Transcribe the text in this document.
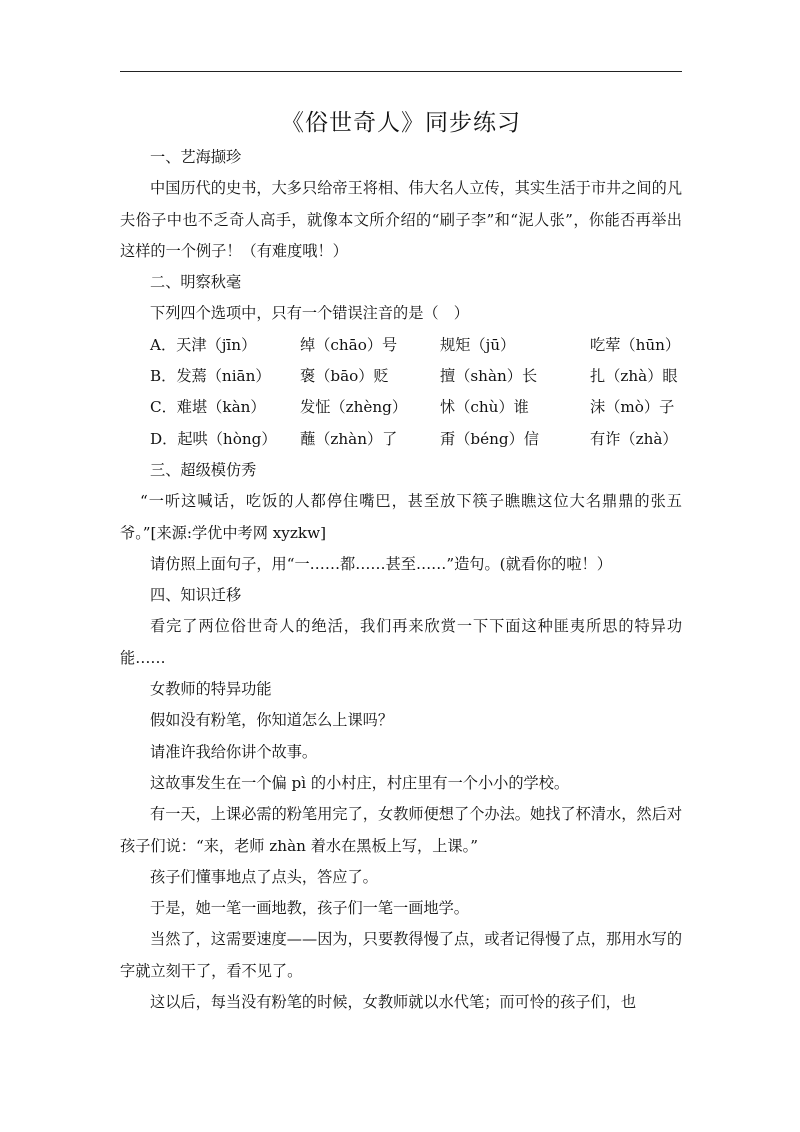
《俗世奇人》同步练习

一、艺海撷珍

中国历代的史书，大多只给帝王将相、伟大名人立传，其实生活于市井之间的凡夫俗子中也不乏奇人高手，就像本文所介绍的“刷子李”和“泥人张”，你能否再举出这样的一个例子！（有难度哦！）

二、明察秋毫

下列四个选项中，只有一个错误注音的是（　）

A．天津（jīn）	绰（chāo）号	规矩（jū）	吃荤（hūn）
B．发蔫（niān） 褒（bāo）贬	擅（shàn）长	扎（zhà）眼
C．难堪（kàn） 发怔（zhèng） 怵（chù）谁	沫（mò）子
D．起哄（hòng） 蘸（zhàn）了	甭（béng）信	有诈（zhà）

三、超级模仿秀

“一听这喊话，吃饭的人都停住嘴巴，甚至放下筷子瞧瞧这位大名鼎鼎的张五爷。”[来源:学优中考网 xyzkw]

请仿照上面句子，用“一……都……甚至……”造句。(就看你的啦！）

四、知识迁移

看完了两位俗世奇人的绝活，我们再来欣赏一下下面这种匪夷所思的特异功能……

女教师的特异功能

假如没有粉笔，你知道怎么上课吗？

请准许我给你讲个故事。

这故事发生在一个偏 pì 的小村庄，村庄里有一个小小的学校。

有一天，上课必需的粉笔用完了，女教师便想了个办法。她找了杯清水，然后对孩子们说：“来，老师 zhàn 着水在黑板上写，上课。”

孩子们懂事地点了点头，答应了。

于是，她一笔一画地教，孩子们一笔一画地学。

当然了，这需要速度——因为，只要教得慢了点，或者记得慢了点，那用水写的字就立刻干了，看不见了。

这以后，每当没有粉笔的时候，女教师就以水代笔；而可怜的孩子们，也
